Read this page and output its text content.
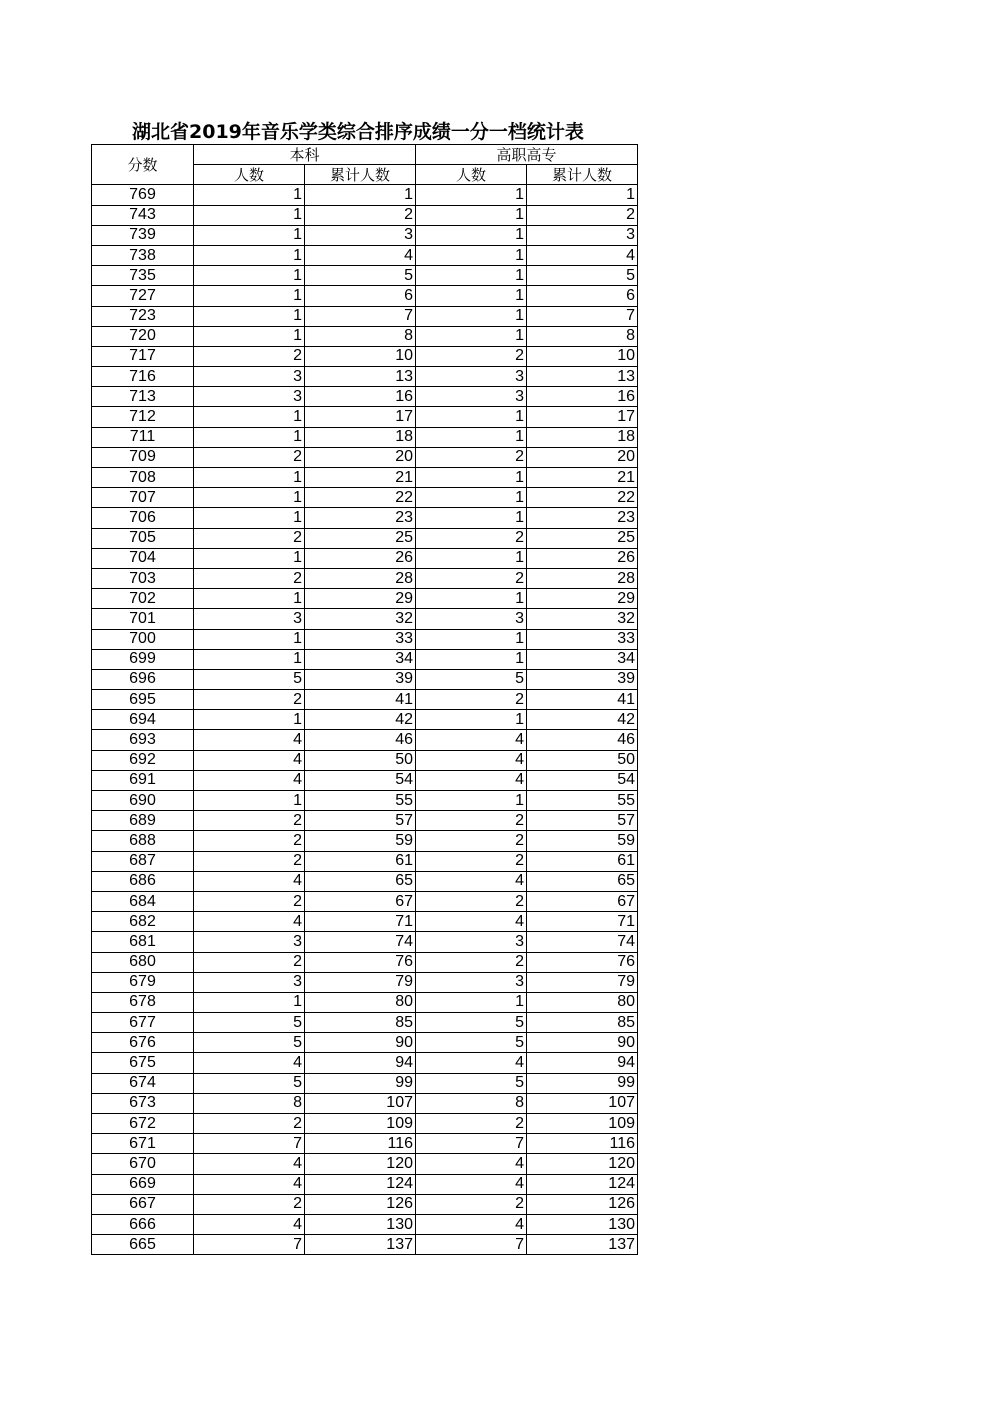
湖北省2019年音乐学类综合排序成绩一分一档统计表
分数	本科		高职高专	
	人数	累计人数	人数	累计人数
769	1	1	1	1
743	1	2	1	2
739	1	3	1	3
738	1	4	1	4
735	1	5	1	5
727	1	6	1	6
723	1	7	1	7
720	1	8	1	8
717	2	10	2	10
716	3	13	3	13
713	3	16	3	16
712	1	17	1	17
711	1	18	1	18
709	2	20	2	20
708	1	21	1	21
707	1	22	1	22
706	1	23	1	23
705	2	25	2	25
704	1	26	1	26
703	2	28	2	28
702	1	29	1	29
701	3	32	3	32
700	1	33	1	33
699	1	34	1	34
696	5	39	5	39
695	2	41	2	41
694	1	42	1	42
693	4	46	4	46
692	4	50	4	50
691	4	54	4	54
690	1	55	1	55
689	2	57	2	57
688	2	59	2	59
687	2	61	2	61
686	4	65	4	65
684	2	67	2	67
682	4	71	4	71
681	3	74	3	74
680	2	76	2	76
679	3	79	3	79
678	1	80	1	80
677	5	85	5	85
676	5	90	5	90
675	4	94	4	94
674	5	99	5	99
673	8	107	8	107
672	2	109	2	109
671	7	116	7	116
670	4	120	4	120
669	4	124	4	124
667	2	126	2	126
666	4	130	4	130
665	7	137	7	137
